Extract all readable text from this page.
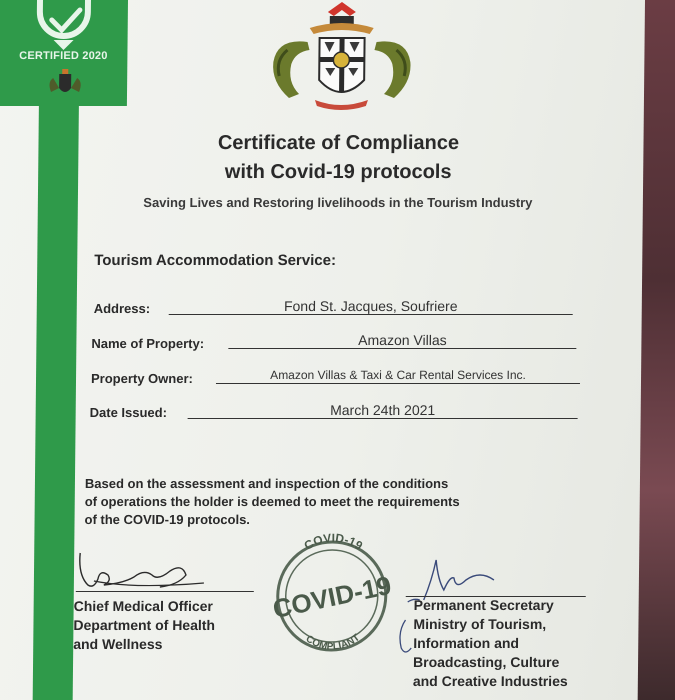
CERTIFIED 2020
Certificate of Compliance
with Covid-19 protocols
Saving Lives and Restoring livelihoods in the Tourism Industry
Tourism Accommodation Service:
Address:	Fond St. Jacques, Soufriere
Name of Property:	Amazon Villas
Property Owner:	Amazon Villas & Taxi & Car Rental Services Inc.
Date Issued:	March 24th 2021
Based on the assessment and inspection of the conditions
of operations the holder is deemed to meet the requirements
of the COVID-19 protocols.
Chief Medical Officer
Department of Health
and Wellness
COVID-19
COVID-19
COMPLIANT
Permanent Secretary
Ministry of Tourism,
Information and
Broadcasting, Culture
and Creative Industries
